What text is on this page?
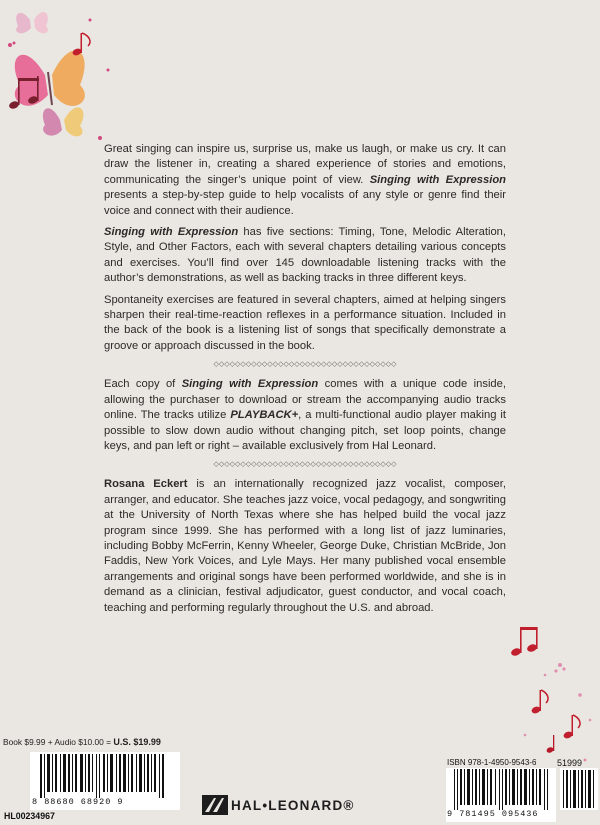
Great singing can inspire us, surprise us, make us laugh, or make us cry. It can draw the listener in, creating a shared experience of stories and emotions, communicating the singer’s unique point of view. Singing with Expression presents a step-by-step guide to help vocalists of any style or genre find their voice and connect with their audience.

Singing with Expression has five sections: Timing, Tone, Melodic Alteration, Style, and Other Factors, each with several chapters detailing various concepts and exercises. You’ll find over 145 downloadable listening tracks with the author’s demonstrations, as well as backing tracks in three different keys.

Spontaneity exercises are featured in several chapters, aimed at helping singers sharpen their real-time-reaction reflexes in a performance situation. Included in the back of the book is a listening list of songs that specifically demonstrate a groove or approach discussed in the book.

◇◇◇◇◇◇◇◇◇◇◇◇◇◇◇◇◇◇◇◇◇◇◇◇◇◇◇◇◇◇◇◇◇◇

Each copy of Singing with Expression comes with a unique code inside, allowing the purchaser to download or stream the accompanying audio tracks online. The tracks utilize PLAYBACK+, a multi-functional audio player making it possible to slow down audio without changing pitch, set loop points, change keys, and pan left or right – available exclusively from Hal Leonard.

◇◇◇◇◇◇◇◇◇◇◇◇◇◇◇◇◇◇◇◇◇◇◇◇◇◇◇◇◇◇◇◇◇◇

Rosana Eckert is an internationally recognized jazz vocalist, composer, arranger, and educator. She teaches jazz voice, vocal pedagogy, and songwriting at the University of North Texas where she has helped build the vocal jazz program since 1999. She has performed with a long list of jazz luminaries, including Bobby McFerrin, Kenny Wheeler, George Duke, Christian McBride, Jon Faddis, New York Voices, and Lyle Mays. Her many published vocal ensemble arrangements and original songs have been performed worldwide, and she is in demand as a clinician, festival adjudicator, guest conductor, and vocal coach, teaching and performing regularly throughout the U.S. and abroad.

Book $9.99 + Audio $10.00 = U.S. $19.99
8 88680 68920 9
HL00234967
HAL•LEONARD®
ISBN 978-1-4950-9543-6 51999
9 781495 095436
